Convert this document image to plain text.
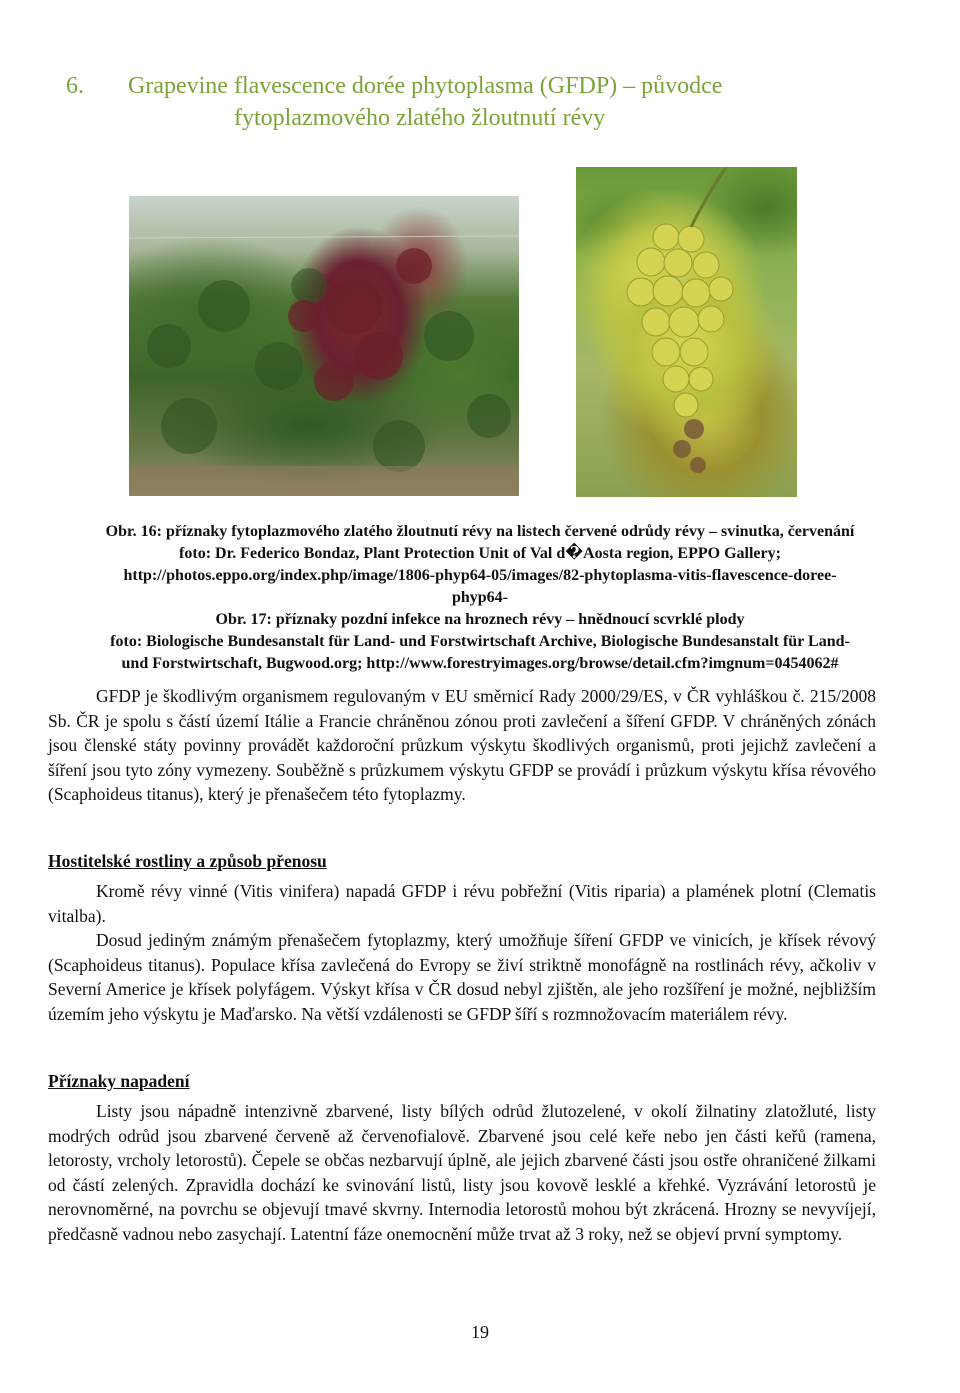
6. Grapevine flavescence dorée phytoplasma (GFDP) – původce
fytoplazmového zlatého žloutnutí révy
Obr. 16: příznaky fytoplazmového zlatého žloutnutí révy na listech červené odrůdy révy – svinutka, červenání
foto: Dr. Federico Bondaz, Plant Protection Unit of Val d�Aosta region, EPPO Gallery;
http://photos.eppo.org/index.php/image/1806-phyp64-05/images/82-phytoplasma-vitis-flavescence-doree-
phyp64-
Obr. 17: příznaky pozdní infekce na hroznech révy – hnědnoucí scvrklé plody
foto: Biologische Bundesanstalt für Land- und Forstwirtschaft Archive, Biologische Bundesanstalt für Land-
und Forstwirtschaft, Bugwood.org; http://www.forestryimages.org/browse/detail.cfm?imgnum=0454062#
GFDP je škodlivým organismem regulovaným v EU směrnicí Rady 2000/29/ES, v ČR vyhláškou č. 215/2008 Sb. ČR je spolu s částí území Itálie a Francie chráněnou zónou proti zavlečení a šíření GFDP. V chráněných zónách jsou členské státy povinny provádět každoroční průzkum výskytu škodlivých organismů, proti jejichž zavlečení a šíření jsou tyto zóny vymezeny. Souběžně s průzkumem výskytu GFDP se provádí i průzkum výskytu křísa révového (Scaphoideus titanus), který je přenašečem této fytoplazmy.
Hostitelské rostliny a způsob přenosu
Kromě révy vinné (Vitis vinifera) napadá GFDP i révu pobřežní (Vitis riparia) a plamének plotní (Clematis vitalba).
Dosud jediným známým přenašečem fytoplazmy, který umožňuje šíření GFDP ve vinicích, je křísek révový (Scaphoideus titanus). Populace křísa zavlečená do Evropy se živí striktně monofágně na rostlinách révy, ačkoliv v Severní Americe je křísek polyfágem. Výskyt křísa v ČR dosud nebyl zjištěn, ale jeho rozšíření je možné, nejbližším územím jeho výskytu je Maďarsko. Na větší vzdálenosti se GFDP šíří s rozmnožovacím materiálem révy.
Příznaky napadení
Listy jsou nápadně intenzivně zbarvené, listy bílých odrůd žlutozelené, v okolí žilnatiny zlatožluté, listy modrých odrůd jsou zbarvené červeně až červenofialově. Zbarvené jsou celé keře nebo jen části keřů (ramena, letorosty, vrcholy letorostů). Čepele se občas nezbarvují úplně, ale jejich zbarvené části jsou ostře ohraničené žilkami od částí zelených. Zpravidla dochází ke svinování listů, listy jsou kovově lesklé a křehké. Vyzrávání letorostů je nerovnoměrné, na povrchu se objevují tmavé skvrny. Internodia letorostů mohou být zkrácená. Hrozny se nevyvíjejí, předčasně vadnou nebo zasychají. Latentní fáze onemocnění může trvat až 3 roky, než se objeví první symptomy.
19
